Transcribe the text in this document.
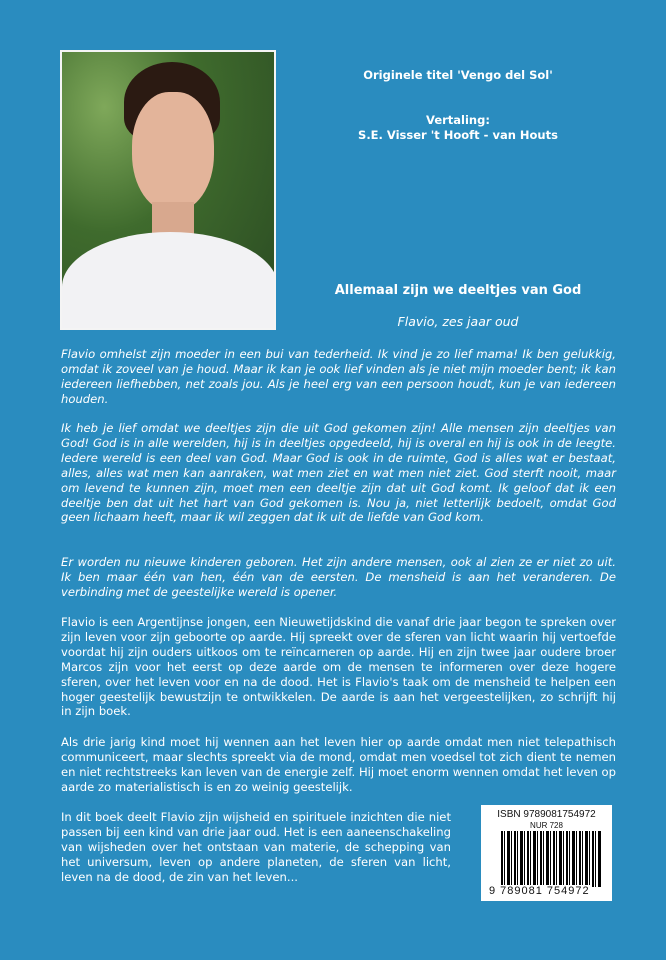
Originele titel 'Vengo del Sol'
Vertaling:
S.E. Visser 't Hooft - van Houts
Allemaal zijn we deeltjes van God
Flavio, zes jaar oud
Flavio omhelst zijn moeder in een bui van tederheid. Ik vind je zo lief mama! Ik ben gelukkig, omdat ik zoveel van je houd. Maar ik kan je ook lief vinden als je niet mijn moeder bent; ik kan iedereen liefhebben, net zoals jou. Als je heel erg van een persoon houdt, kun je van iedereen houden.
Ik heb je lief omdat we deeltjes zijn die uit God gekomen zijn! Alle mensen zijn deeltjes van God! God is in alle werelden, hij is in deeltjes opgedeeld, hij is overal en hij is ook in de leegte. Iedere wereld is een deel van God. Maar God is ook in de ruimte, God is alles wat er bestaat, alles, alles wat men kan aanraken, wat men ziet en wat men niet ziet. God sterft nooit, maar om levend te kunnen zijn, moet men een deeltje zijn dat uit God komt. Ik geloof dat ik een deeltje ben dat uit het hart van God gekomen is. Nou ja, niet letterlijk bedoelt, omdat God geen lichaam heeft, maar ik wil zeggen dat ik uit de liefde van God kom.
Er worden nu nieuwe kinderen geboren. Het zijn andere mensen, ook al zien ze er niet zo uit. Ik ben maar één van hen, één van de eersten. De mensheid is aan het veranderen. De verbinding met de geestelijke wereld is opener.
Flavio is een Argentijnse jongen, een Nieuwetijdskind die vanaf drie jaar begon te spreken over zijn leven voor zijn geboorte op aarde. Hij spreekt over de sferen van licht waarin hij vertoefde voordat hij zijn ouders uitkoos om te reïncarneren op aarde. Hij en zijn twee jaar oudere broer Marcos zijn voor het eerst op deze aarde om de mensen te informeren over deze hogere sferen, over het leven voor en na de dood. Het is Flavio's taak om de mensheid te helpen een hoger geestelijk bewustzijn te ontwikkelen. De aarde is aan het vergeestelijken, zo schrijft hij in zijn boek.
Als drie jarig kind moet hij wennen aan het leven hier op aarde omdat men niet telepathisch communiceert, maar slechts spreekt via de mond, omdat men voedsel tot zich dient te nemen en niet rechtstreeks kan leven van de energie zelf. Hij moet enorm wennen omdat het leven op aarde zo materialistisch is en zo weinig geestelijk.
In dit boek deelt Flavio zijn wijsheid en spirituele inzichten die niet passen bij een kind van drie jaar oud. Het is een aaneenschakeling van wijsheden over het ontstaan van materie, de schepping van het universum, leven op andere planeten, de sferen van licht, leven na de dood, de zin van het leven...
ISBN 9789081754972
NUR 728
9 789081 754972
